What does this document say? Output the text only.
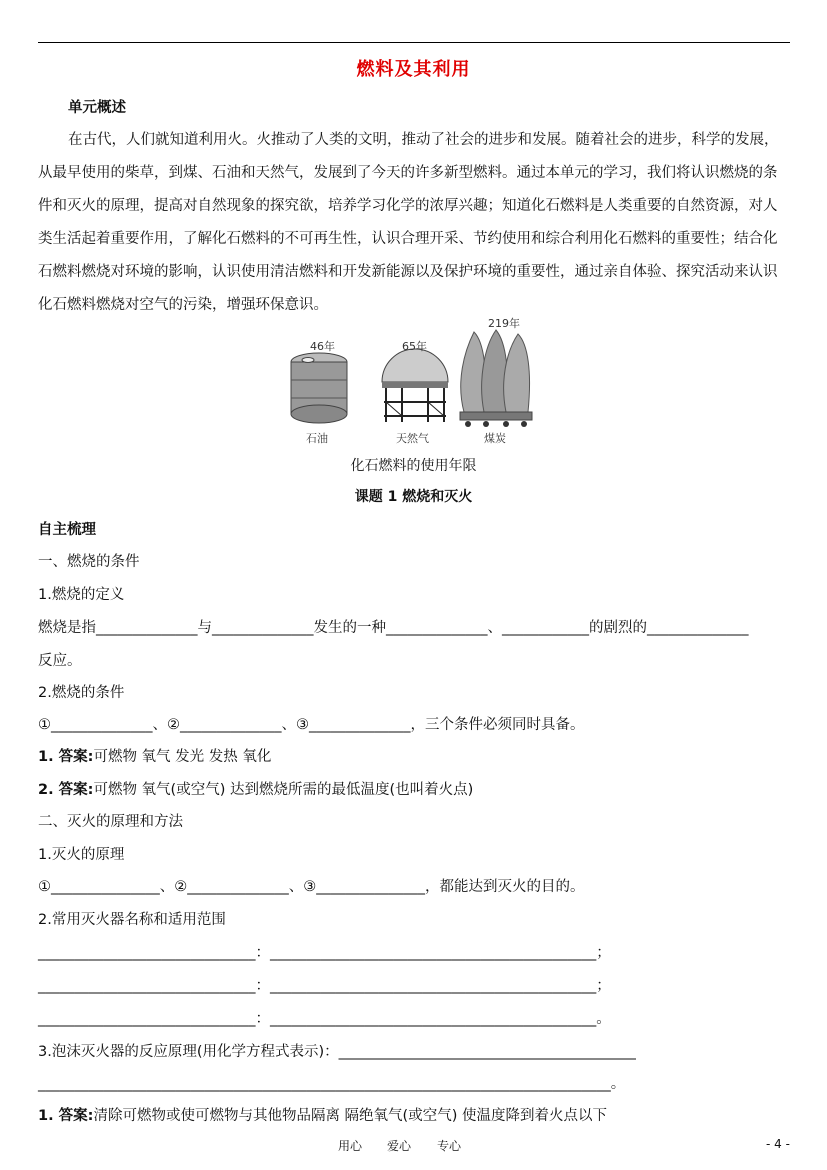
燃料及其利用
单元概述
在古代，人们就知道利用火。火推动了人类的文明，推动了社会的进步和发展。随着社会的进步，科学的发展，
从最早使用的柴草，到煤、石油和天然气，发展到了今天的许多新型燃料。通过本单元的学习，我们将认识燃烧的条
件和灭火的原理，提高对自然现象的探究欲，培养学习化学的浓厚兴趣；知道化石燃料是人类重要的自然资源，对人
类生活起着重要作用，了解化石燃料的不可再生性，认识合理开采、节约使用和综合利用化石燃料的重要性；结合化
石燃料燃烧对环境的影响，认识使用清洁燃料和开发新能源以及保护环境的重要性，通过亲自体验、探究活动来认识
化石燃料燃烧对空气的污染，增强环保意识。
46年
石油
65年
天然气
219年
煤炭
化石燃料的使用年限
课题 1 燃烧和灭火
自主梳理
一、燃烧的条件
1.燃烧的定义
燃烧是指______________与______________发生的一种______________、____________的剧烈的______________
反应。
2.燃烧的条件
①______________、②______________、③______________，三个条件必须同时具备。
1. 答案:可燃物 氧气 发光 发热 氧化
2. 答案:可燃物 氧气(或空气) 达到燃烧所需的最低温度(也叫着火点)
二、灭火的原理和方法
1.灭火的原理
①_______________、②______________、③_______________，都能达到灭火的目的。
2.常用灭火器名称和适用范围
______________________________：_____________________________________________；
______________________________：_____________________________________________；
______________________________：_____________________________________________。
3.泡沫灭火器的反应原理(用化学方程式表示)：_________________________________________
_______________________________________________________________________________。
1. 答案:清除可燃物或使可燃物与其他物品隔离 隔绝氧气(或空气) 使温度降到着火点以下
用心 爱心 专心	- 4 -
